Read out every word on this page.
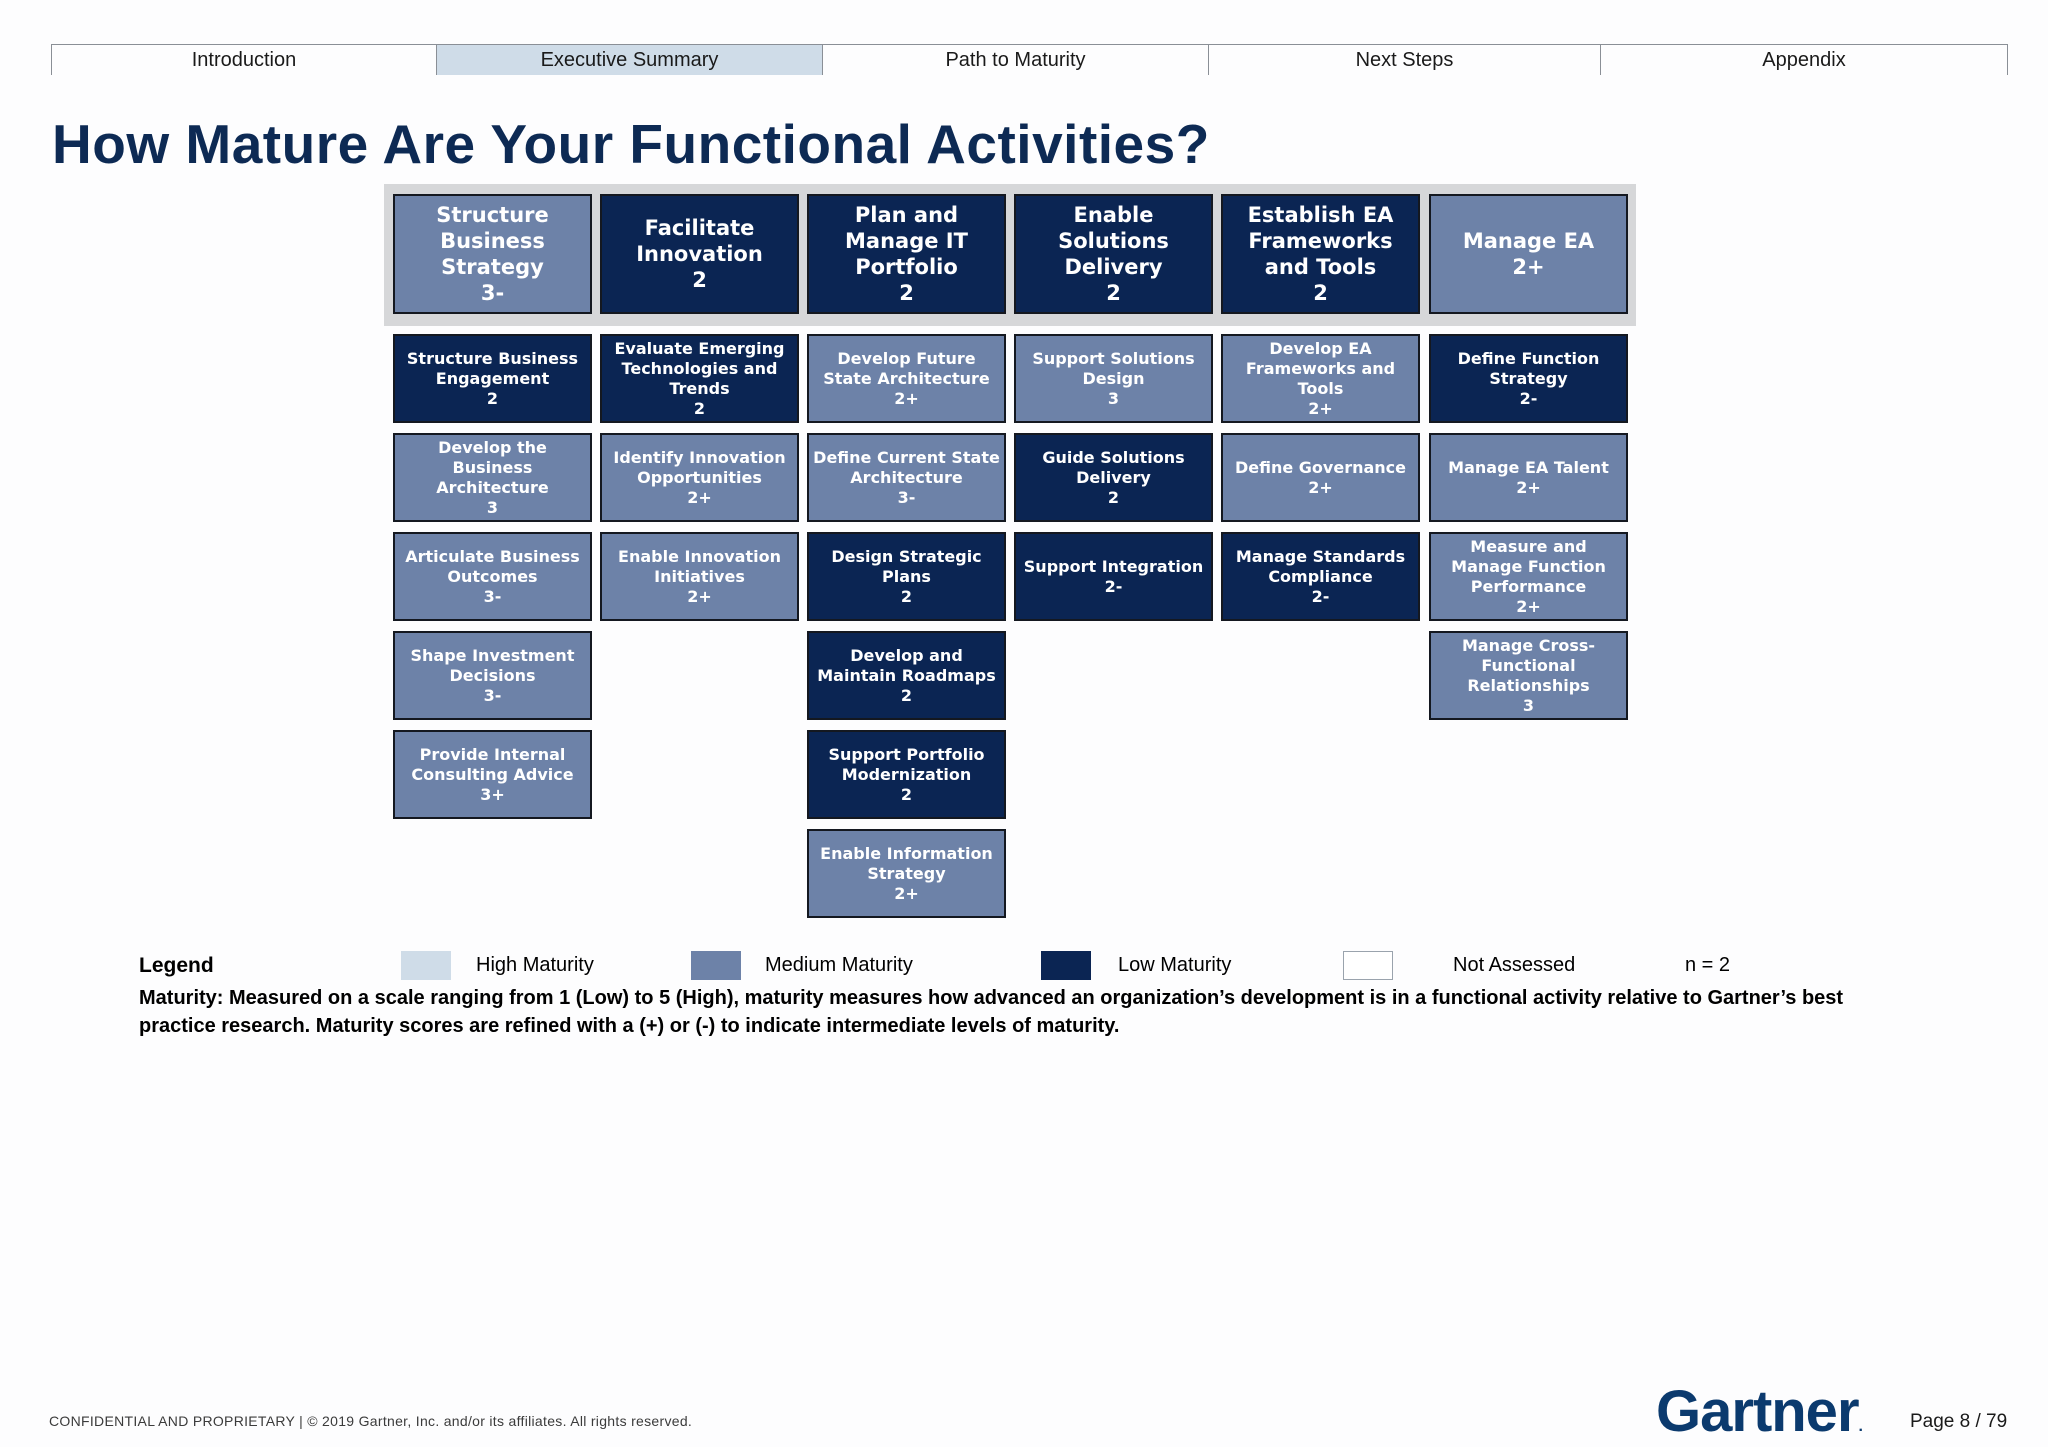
Introduction	Executive Summary	Path to Maturity	Next Steps	Appendix
How Mature Are Your Functional Activities?
Structure Business Strategy
3-
Structure Business Engagement
2
Develop the Business Architecture
3
Articulate Business Outcomes
3-
Shape Investment Decisions
3-
Provide Internal Consulting Advice
3+
Facilitate Innovation
2
Evaluate Emerging Technologies and Trends
2
Identify Innovation Opportunities
2+
Enable Innovation Initiatives
2+
Plan and Manage IT Portfolio
2
Develop Future State Architecture
2+
Define Current State Architecture
3-
Design Strategic Plans
2
Develop and Maintain Roadmaps
2
Support Portfolio Modernization
2
Enable Information Strategy
2+
Enable Solutions Delivery
2
Support Solutions Design
3
Guide Solutions Delivery
2
Support Integration
2-
Establish EA Frameworks and Tools
2
Develop EA Frameworks and Tools
2+
Define Governance
2+
Manage Standards Compliance
2-
Manage EA
2+
Define Function Strategy
2-
Manage EA Talent
2+
Measure and Manage Function Performance
2+
Manage Cross-Functional Relationships
3
Legend	High Maturity	Medium Maturity	Low Maturity	Not Assessed	n = 2

Maturity: Measured on a scale ranging from 1 (Low) to 5 (High), maturity measures how advanced an organization’s development is in a functional activity relative to Gartner’s best practice research. Maturity scores are refined with a (+) or (-) to indicate intermediate levels of maturity.

CONFIDENTIAL AND PROPRIETARY | © 2019 Gartner, Inc. and/or its affiliates. All rights reserved.	Gartner.	Page 8 / 79
